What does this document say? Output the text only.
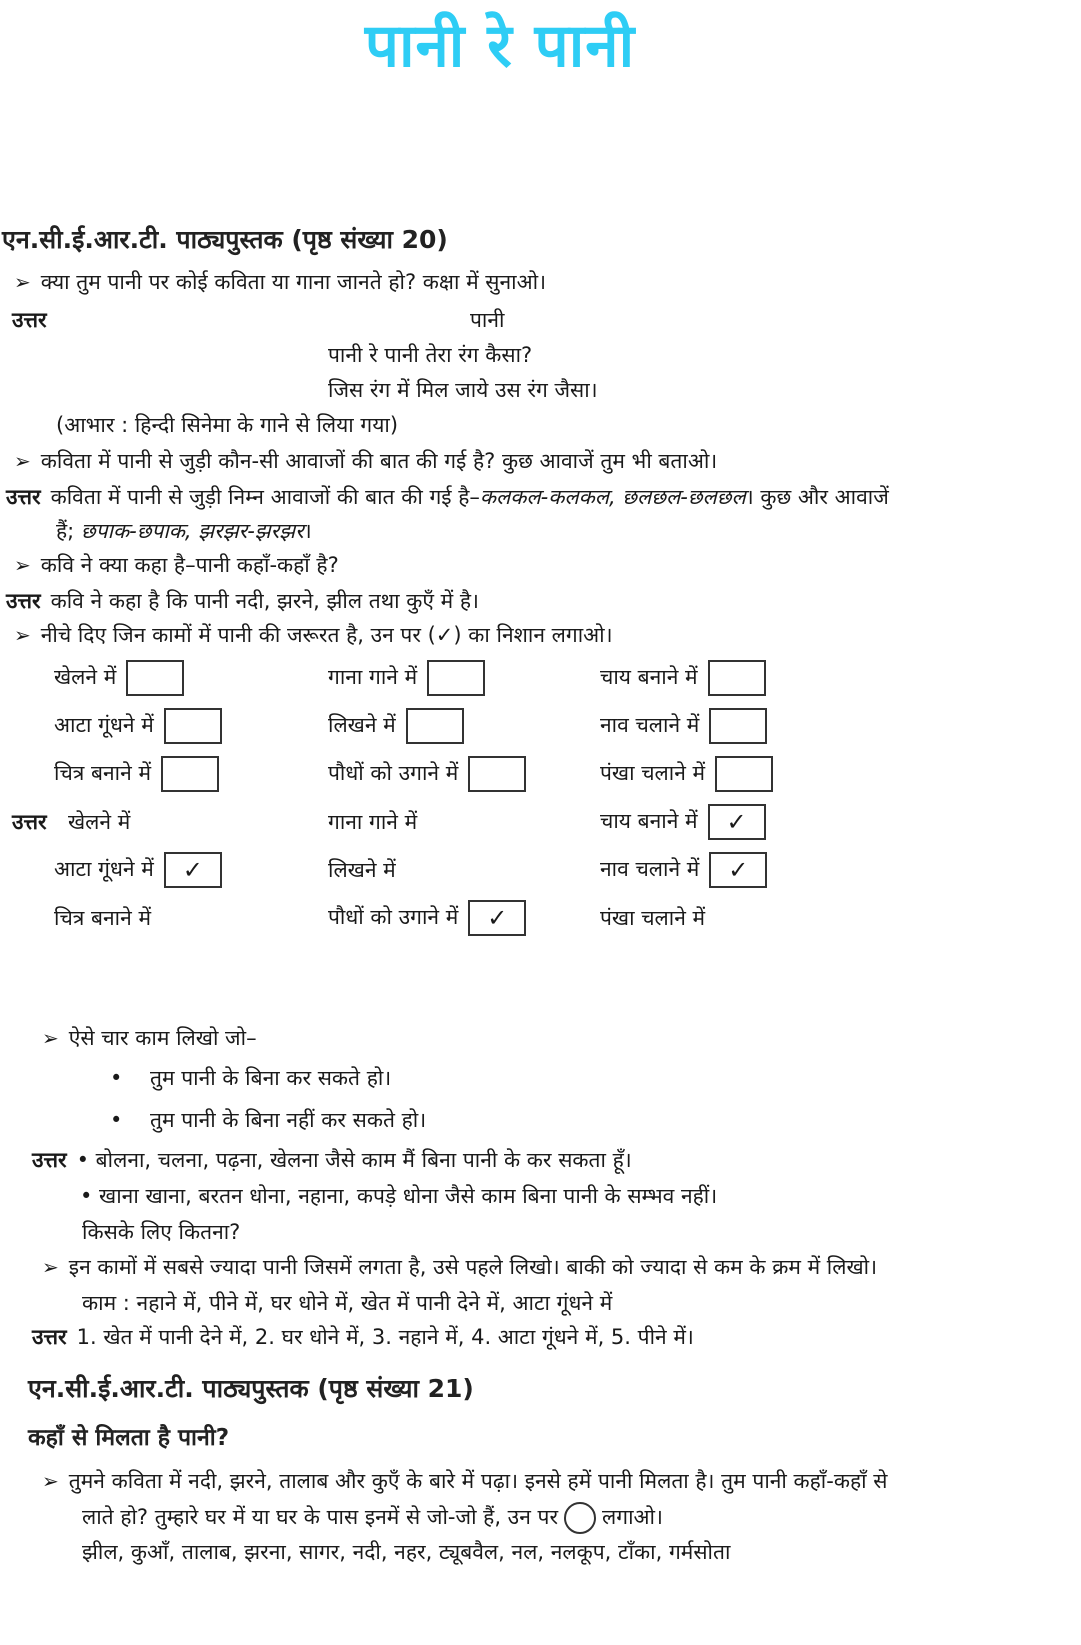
पानी रे पानी
एन.सी.ई.आर.टी. पाठ्यपुस्तक (पृष्ठ संख्या 20)
➢ क्या तुम पानी पर कोई कविता या गाना जानते हो? कक्षा में सुनाओ।
उत्तर	पानी
पानी रे पानी तेरा रंग कैसा?
जिस रंग में मिल जाये उस रंग जैसा।
(आभार : हिन्दी सिनेमा के गाने से लिया गया)
➢ कविता में पानी से जुड़ी कौन-सी आवाजों की बात की गई है? कुछ आवाजें तुम भी बताओ।
उत्तर कविता में पानी से जुड़ी निम्न आवाजों की बात की गई है–कलकल-कलकल, छलछल-छलछल। कुछ और आवाजें
हैं; छपाक-छपाक, झरझर-झरझर।
➢ कवि ने क्या कहा है–पानी कहाँ-कहाँ है?
उत्तर कवि ने कहा है कि पानी नदी, झरने, झील तथा कुएँ में है।
➢ नीचे दिए जिन कामों में पानी की जरूरत है, उन पर (✓) का निशान लगाओ।
खेलने में	गाना गाने में	चाय बनाने में
आटा गूंधने में	लिखने में	नाव चलाने में
चित्र बनाने में	पौधों को उगाने में	पंखा चलाने में
उत्तर खेलने में	गाना गाने में	चाय बनाने में ✓
आटा गूंधने में ✓	लिखने में	नाव चलाने में ✓
चित्र बनाने में	पौधों को उगाने में ✓	पंखा चलाने में
➢ ऐसे चार काम लिखो जो–
• तुम पानी के बिना कर सकते हो।
• तुम पानी के बिना नहीं कर सकते हो।
उत्तर • बोलना, चलना, पढ़ना, खेलना जैसे काम मैं बिना पानी के कर सकता हूँ।
• खाना खाना, बरतन धोना, नहाना, कपड़े धोना जैसे काम बिना पानी के सम्भव नहीं।
किसके लिए कितना?
➢ इन कामों में सबसे ज्यादा पानी जिसमें लगता है, उसे पहले लिखो। बाकी को ज्यादा से कम के क्रम में लिखो।
काम : नहाने में, पीने में, घर धोने में, खेत में पानी देने में, आटा गूंधने में
उत्तर 1. खेत में पानी देने में, 2. घर धोने में, 3. नहाने में, 4. आटा गूंधने में, 5. पीने में।
एन.सी.ई.आर.टी. पाठ्यपुस्तक (पृष्ठ संख्या 21)
कहाँ से मिलता है पानी?
➢ तुमने कविता में नदी, झरने, तालाब और कुएँ के बारे में पढ़ा। इनसे हमें पानी मिलता है। तुम पानी कहाँ-कहाँ से
लाते हो? तुम्हारे घर में या घर के पास इनमें से जो-जो हैं, उन पर लगाओ।
झील, कुआँ, तालाब, झरना, सागर, नदी, नहर, ट्यूबवैल, नल, नलकूप, टाँका, गर्मसोता
